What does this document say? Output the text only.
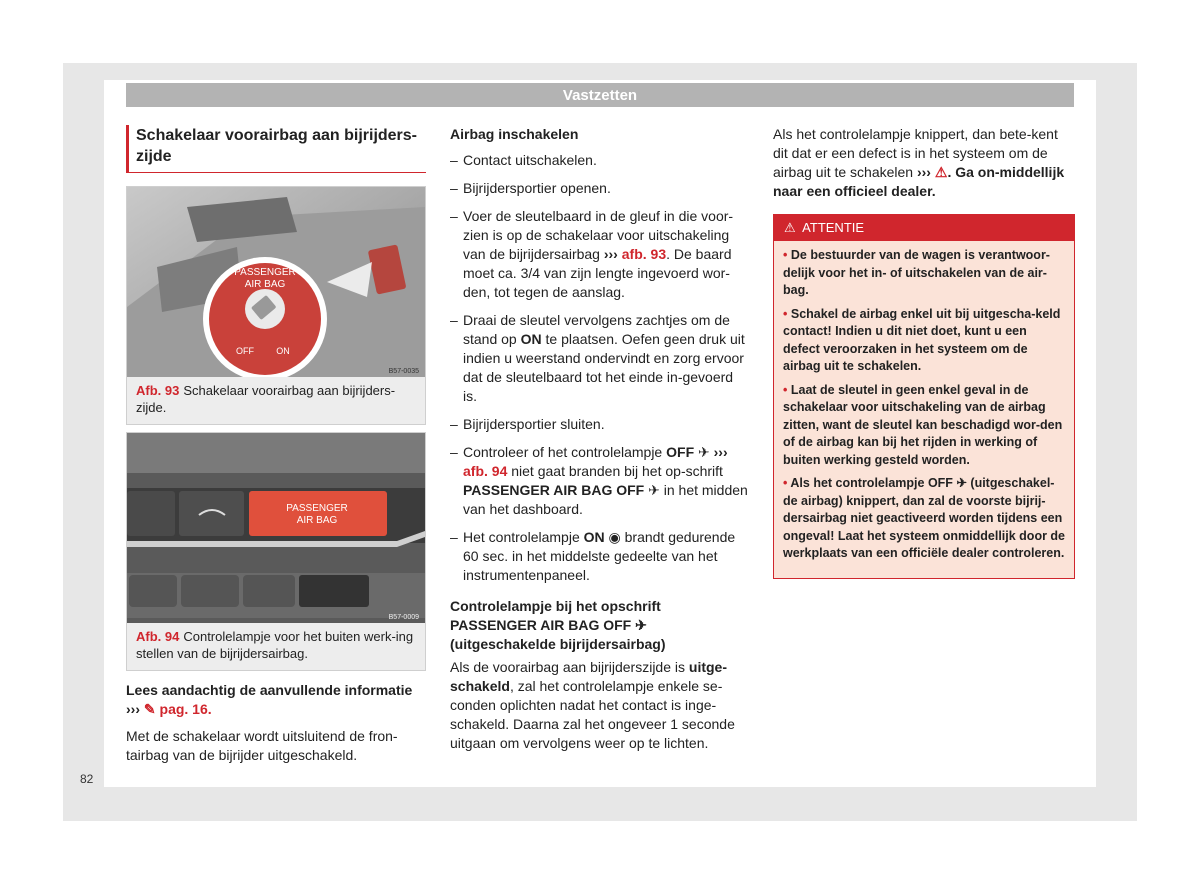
Vastzetten
Schakelaar voorairbag aan bijrijders-zijde
PASSENGER
AIR BAG
OFF ON
B57-0035
Afb. 93 Schakelaar voorairbag aan bijrijders-zijde.
PASSENGER
AIR BAG
B57-0009
Afb. 94 Controlelampje voor het buiten werk-ing stellen van de bijrijdersairbag.
Lees aandachtig de aanvullende informatie
››› ✎ pag. 16.
Met de schakelaar wordt uitsluitend de fron-tairbag van de bijrijder uitgeschakeld.
Airbag inschakelen

– Contact uitschakelen.

– Bijrijdersportier openen.

– Voer de sleutelbaard in de gleuf in die voor-zien is op de schakelaar voor uitschakeling van de bijrijdersairbag ››› afb. 93. De baard moet ca. 3/4 van zijn lengte ingevoerd wor-den, tot tegen de aanslag.

– Draai de sleutel vervolgens zachtjes om de stand op ON te plaatsen. Oefen geen druk uit indien u weerstand ondervindt en zorg ervoor dat de sleutelbaard tot het einde in-gevoerd is.

– Bijrijdersportier sluiten.

– Controleer of het controlelampje OFF ✈ ››› afb. 94 niet gaat branden bij het op-schrift PASSENGER AIR BAG OFF ✈ in het midden van het dashboard.

– Het controlelampje ON ◉ brandt gedurende 60 sec. in het middelste gedeelte van het instrumentenpaneel.

Controlelampje bij het opschrift PASSENGER AIR BAG OFF ✈ (uitgeschakelde bijrijdersairbag)
Als de voorairbag aan bijrijderszijde is uitge-schakeld, zal het controlelampje enkele se-conden oplichten nadat het contact is inge-schakeld. Daarna zal het ongeveer 1 seconde uitgaan om vervolgens weer op te lichten.
Als het controlelampje knippert, dan bete-kent dit dat er een defect is in het systeem om de airbag uit te schakelen ››› ⚠. Ga on-middellijk naar een officieel dealer.
⚠ ATTENTIE

• De bestuurder van de wagen is verantwoor-delijk voor het in- of uitschakelen van de air-bag.

• Schakel de airbag enkel uit bij uitgescha-keld contact! Indien u dit niet doet, kunt u een defect veroorzaken in het systeem om de airbag uit te schakelen.

• Laat de sleutel in geen enkel geval in de schakelaar voor uitschakeling van de airbag zitten, want de sleutel kan beschadigd wor-den of de airbag kan bij het rijden in werking of buiten werking gesteld worden.

• Als het controlelampje OFF ✈ (uitgeschakel-de airbag) knippert, dan zal de voorste bijrij-dersairbag niet geactiveerd worden tijdens een ongeval! Laat het systeem onmiddellijk door de werkplaats van een officiële dealer controleren.

82
